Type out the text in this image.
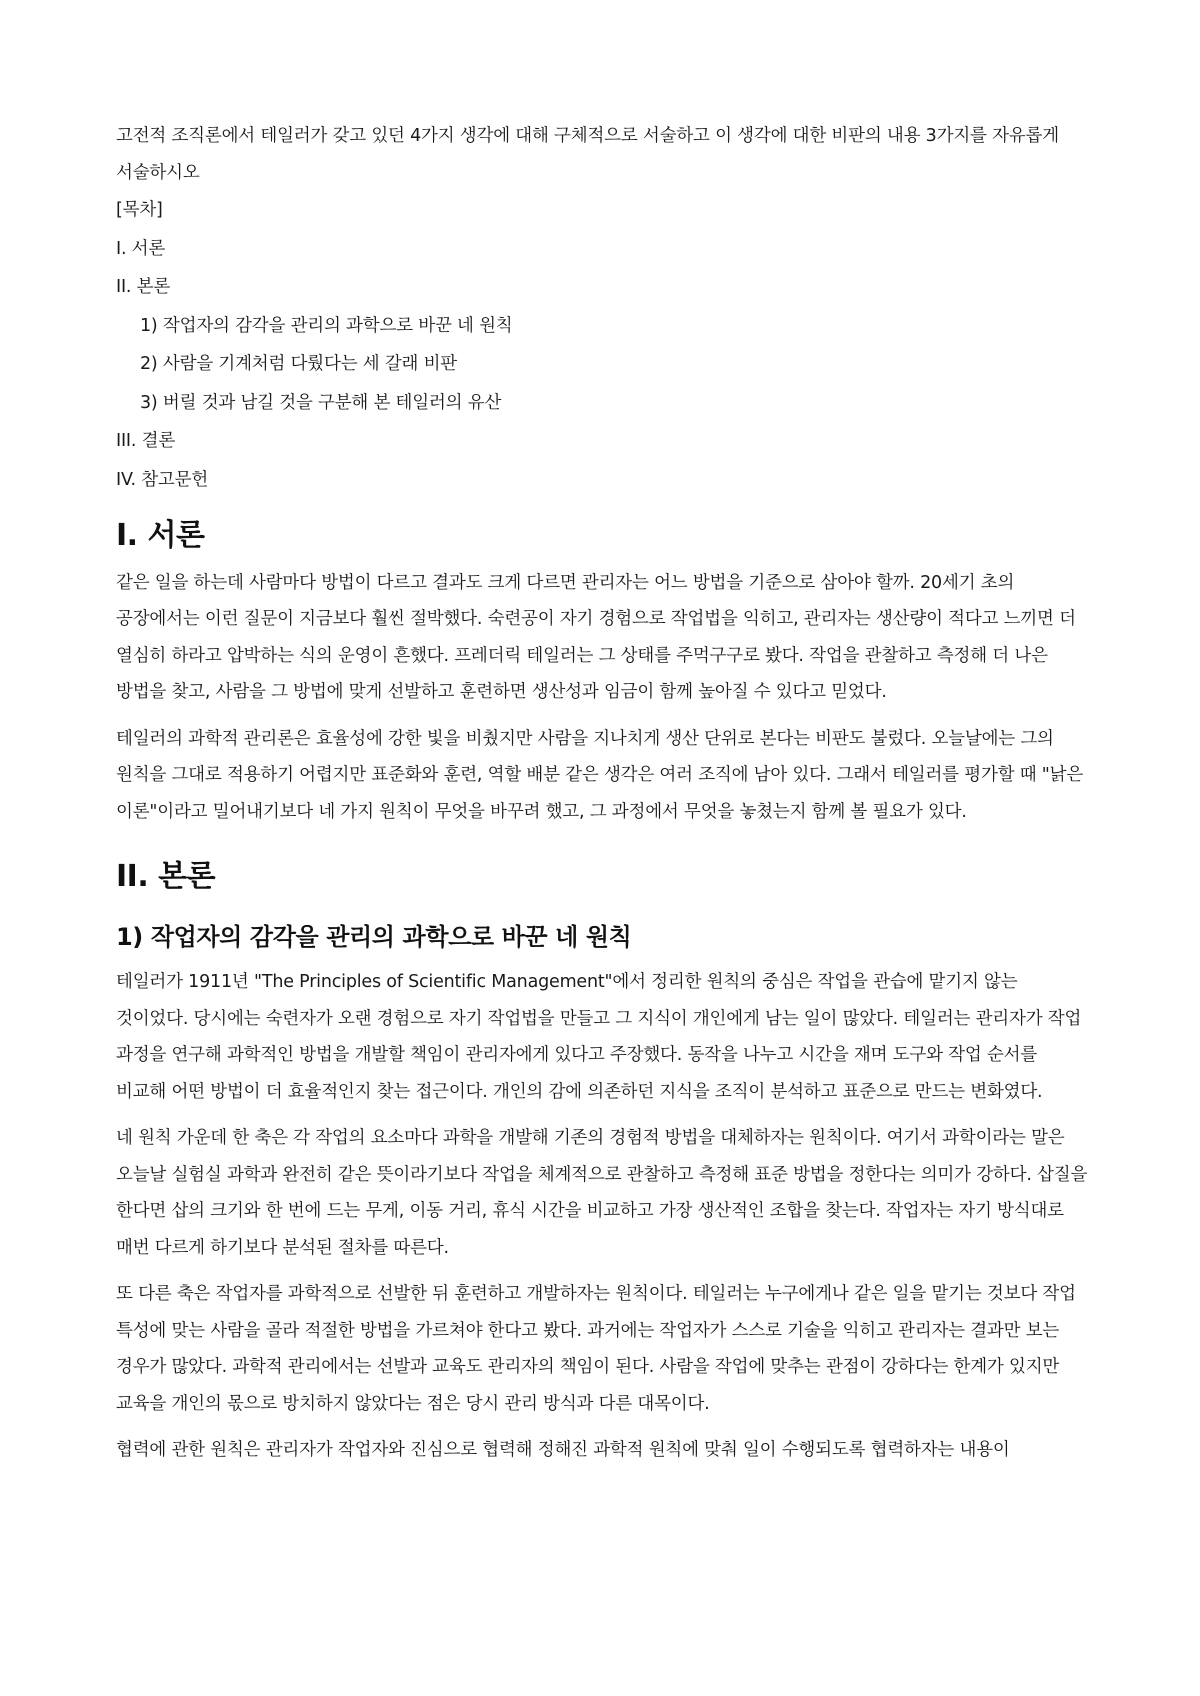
고전적 조직론에서 테일러가 갖고 있던 4가지 생각에 대해 구체적으로 서술하고 이 생각에 대한 비판의 내용 3가지를 자유롭게 서술하시오

[목차]

I. 서론

II. 본론

1) 작업자의 감각을 관리의 과학으로 바꾼 네 원칙

2) 사람을 기계처럼 다뤘다는 세 갈래 비판

3) 버릴 것과 남길 것을 구분해 본 테일러의 유산

III. 결론

IV. 참고문헌

I. 서론

같은 일을 하는데 사람마다 방법이 다르고 결과도 크게 다르면 관리자는 어느 방법을 기준으로 삼아야 할까. 20세기 초의 공장에서는 이런 질문이 지금보다 훨씬 절박했다. 숙련공이 자기 경험으로 작업법을 익히고, 관리자는 생산량이 적다고 느끼면 더 열심히 하라고 압박하는 식의 운영이 흔했다. 프레더릭 테일러는 그 상태를 주먹구구로 봤다. 작업을 관찰하고 측정해 더 나은 방법을 찾고, 사람을 그 방법에 맞게 선발하고 훈련하면 생산성과 임금이 함께 높아질 수 있다고 믿었다.

테일러의 과학적 관리론은 효율성에 강한 빛을 비췄지만 사람을 지나치게 생산 단위로 본다는 비판도 불렀다. 오늘날에는 그의 원칙을 그대로 적용하기 어렵지만 표준화와 훈련, 역할 배분 같은 생각은 여러 조직에 남아 있다. 그래서 테일러를 평가할 때 "낡은 이론"이라고 밀어내기보다 네 가지 원칙이 무엇을 바꾸려 했고, 그 과정에서 무엇을 놓쳤는지 함께 볼 필요가 있다.

II. 본론
1) 작업자의 감각을 관리의 과학으로 바꾼 네 원칙

테일러가 1911년 "The Principles of Scientific Management"에서 정리한 원칙의 중심은 작업을 관습에 맡기지 않는 것이었다. 당시에는 숙련자가 오랜 경험으로 자기 작업법을 만들고 그 지식이 개인에게 남는 일이 많았다. 테일러는 관리자가 작업 과정을 연구해 과학적인 방법을 개발할 책임이 관리자에게 있다고 주장했다. 동작을 나누고 시간을 재며 도구와 작업 순서를 비교해 어떤 방법이 더 효율적인지 찾는 접근이다. 개인의 감에 의존하던 지식을 조직이 분석하고 표준으로 만드는 변화였다.

네 원칙 가운데 한 축은 각 작업의 요소마다 과학을 개발해 기존의 경험적 방법을 대체하자는 원칙이다. 여기서 과학이라는 말은 오늘날 실험실 과학과 완전히 같은 뜻이라기보다 작업을 체계적으로 관찰하고 측정해 표준 방법을 정한다는 의미가 강하다. 삽질을 한다면 삽의 크기와 한 번에 드는 무게, 이동 거리, 휴식 시간을 비교하고 가장 생산적인 조합을 찾는다. 작업자는 자기 방식대로 매번 다르게 하기보다 분석된 절차를 따른다.

또 다른 축은 작업자를 과학적으로 선발한 뒤 훈련하고 개발하자는 원칙이다. 테일러는 누구에게나 같은 일을 맡기는 것보다 작업 특성에 맞는 사람을 골라 적절한 방법을 가르쳐야 한다고 봤다. 과거에는 작업자가 스스로 기술을 익히고 관리자는 결과만 보는 경우가 많았다. 과학적 관리에서는 선발과 교육도 관리자의 책임이 된다. 사람을 작업에 맞추는 관점이 강하다는 한계가 있지만 교육을 개인의 몫으로 방치하지 않았다는 점은 당시 관리 방식과 다른 대목이다.

협력에 관한 원칙은 관리자가 작업자와 진심으로 협력해 정해진 과학적 원칙에 맞춰 일이 수행되도록 협력하자는 내용이
